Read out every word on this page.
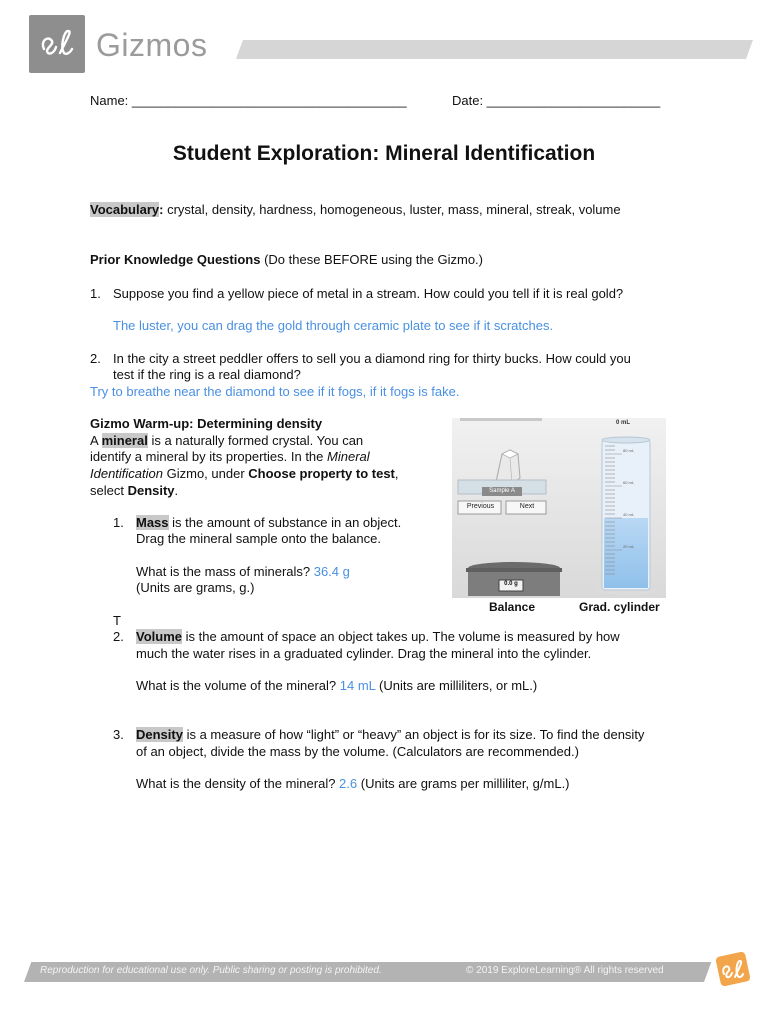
Gizmos
Name: ______________________________________	Date: ________________________
Student Exploration: Mineral Identification
Vocabulary: crystal, density, hardness, homogeneous, luster, mass, mineral, streak, volume
Prior Knowledge Questions (Do these BEFORE using the Gizmo.)
1. Suppose you find a yellow piece of metal in a stream. How could you tell if it is real gold?
The luster, you can drag the gold through ceramic plate to see if it scratches.
2. In the city a street peddler offers to sell you a diamond ring for thirty bucks. How could you
test if the ring is a real diamond?
Try to breathe near the diamond to see if it fogs, if it fogs is fake.
Gizmo Warm-up: Determining density
A mineral is a naturally formed crystal. You can
identify a mineral by its properties. In the Mineral
Identification Gizmo, under Choose property to test,
select Density.
1. Mass is the amount of substance in an object.
Drag the mineral sample onto the balance.
What is the mass of minerals? 36.4 g
(Units are grams, g.)
T
2. Volume is the amount of space an object takes up. The volume is measured by how
much the water rises in a graduated cylinder. Drag the mineral into the cylinder.
What is the volume of the mineral? 14 mL (Units are milliliters, or mL.)
3. Density is a measure of how “light” or “heavy” an object is for its size. To find the density
of an object, divide the mass by the volume. (Calculators are recommended.)
What is the density of the mineral? 2.6 (Units are grams per milliliter, g/mL.)
Sample A
Previous	Next
0.0 g
0 mL
80 mL
60 mL
40 mL
20 mL
Balance	Grad. cylinder
Reproduction for educational use only. Public sharing or posting is prohibited.	© 2019 ExploreLearning® All rights reserved
